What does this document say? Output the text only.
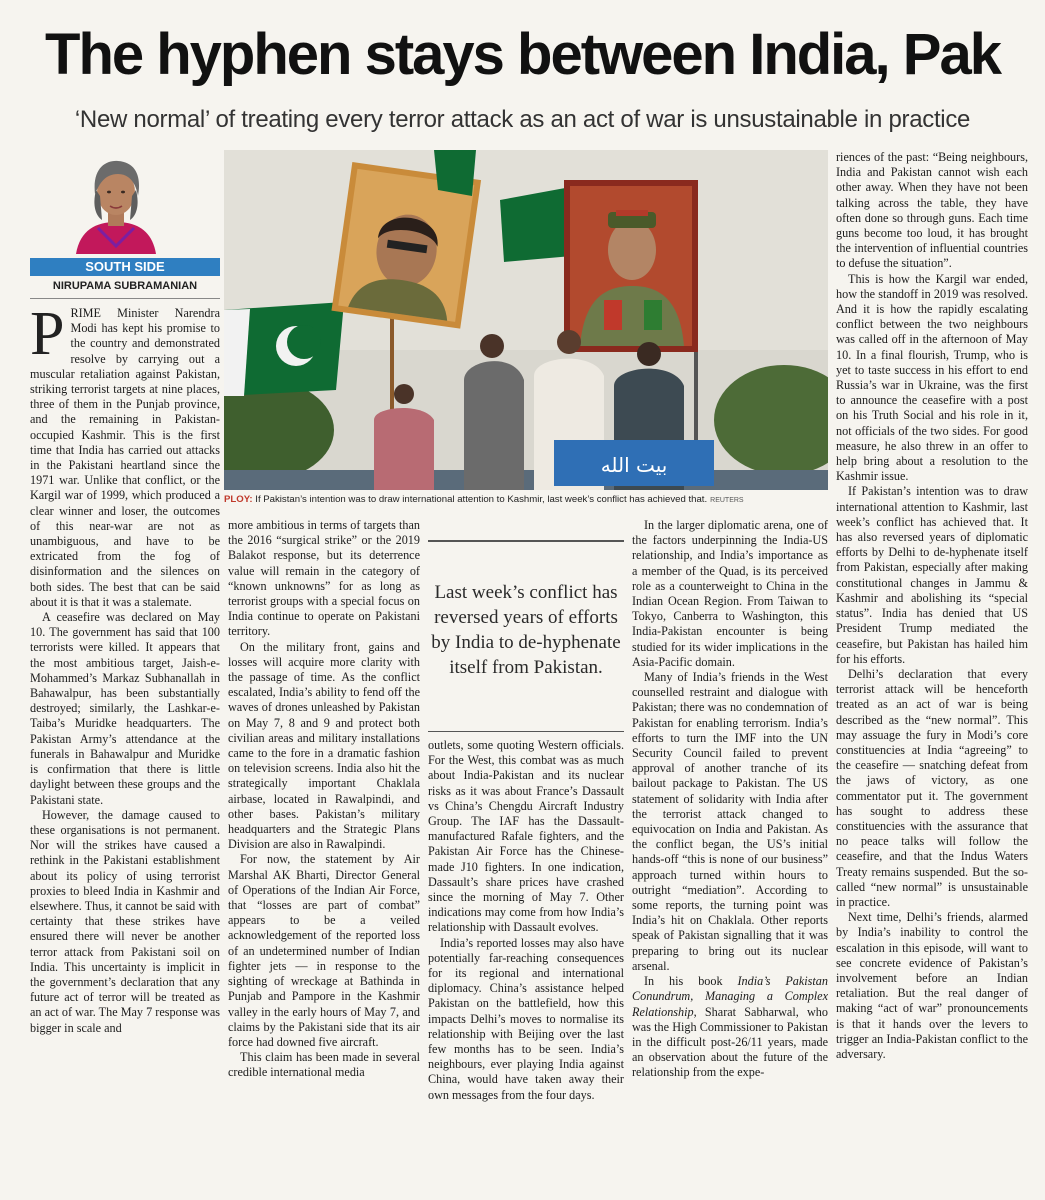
The hyphen stays between India, Pak
‘New normal’ of treating every terror attack as an act of war is unsustainable in practice
SOUTH SIDE
NIRUPAMA SUBRAMANIAN
بیت الله
PLOY: If Pakistan’s intention was to draw international attention to Kashmir, last week’s conflict has achieved that. REUTERS

PRIME Minister Narendra Modi has kept his promise to the country and demonstrated resolve by carrying out a muscular retaliation against Pakistan, striking terrorist targets at nine places, three of them in the Punjab province, and the remaining in Pakistan-occupied Kashmir. This is the first time that India has carried out attacks in the Pakistani heartland since the 1971 war. Unlike that conflict, or the Kargil war of 1999, which produced a clear winner and loser, the outcomes of this near-war are not as unambiguous, and have to be extricated from the fog of disinformation and the silences on both sides. The best that can be said about it is that it was a stalemate.

A ceasefire was declared on May 10. The government has said that 100 terrorists were killed. It appears that the most ambitious target, Jaish-e-Mohammed’s Markaz Subhanallah in Bahawalpur, has been substantially destroyed; similarly, the Lashkar-e-Taiba’s Muridke headquarters. The Pakistan Army’s attendance at the funerals in Bahawalpur and Muridke is confirmation that there is little daylight between these groups and the Pakistani state.

However, the damage caused to these organisations is not permanent. Nor will the strikes have caused a rethink in the Pakistani establishment about its policy of using terrorist proxies to bleed India in Kashmir and elsewhere. Thus, it cannot be said with certainty that these strikes have ensured there will never be another terror attack from Pakistani soil on India. This uncertainty is implicit in the government’s declaration that any future act of terror will be treated as an act of war. The May 7 response was bigger in scale and

more ambitious in terms of targets than the 2016 “surgical strike” or the 2019 Balakot response, but its deterrence value will remain in the category of “known unknowns” for as long as terrorist groups with a special focus on India continue to operate on Pakistani territory.

On the military front, gains and losses will acquire more clarity with the passage of time. As the conflict escalated, India’s ability to fend off the waves of drones unleashed by Pakistan on May 7, 8 and 9 and protect both civilian areas and military installations came to the fore in a dramatic fashion on television screens. India also hit the strategically important Chaklala airbase, located in Rawalpindi, and other bases. Pakistan’s military headquarters and the Strategic Plans Division are also in Rawalpindi.

For now, the statement by Air Marshal AK Bharti, Director General of Operations of the Indian Air Force, that “losses are part of combat” appears to be a veiled acknowledgement of the reported loss of an undetermined number of Indian fighter jets — in response to the sighting of wreckage at Bathinda in Punjab and Pampore in the Kashmir valley in the early hours of May 7, and claims by the Pakistani side that its air force had downed five aircraft.

This claim has been made in several credible international media

Last week’s conflict has reversed years of efforts by India to de-hyphenate itself from Pakistan.

outlets, some quoting Western officials. For the West, this combat was as much about India-Pakistan and its nuclear risks as it was about France’s Dassault vs China’s Chengdu Aircraft Industry Group. The IAF has the Dassault-manufactured Rafale fighters, and the Pakistan Air Force has the Chinese-made J10 fighters. In one indication, Dassault’s share prices have crashed since the morning of May 7. Other indications may come from how India’s relationship with Dassault evolves.

India’s reported losses may also have potentially far-reaching consequences for its regional and international diplomacy. China’s assistance helped Pakistan on the battlefield, how this impacts Delhi’s moves to normalise its relationship with Beijing over the last few months has to be seen. India’s neighbours, ever playing India against China, would have taken away their own messages from the four days.

In the larger diplomatic arena, one of the factors underpinning the India-US relationship, and India’s importance as a member of the Quad, is its perceived role as a counterweight to China in the Indian Ocean Region. From Taiwan to Tokyo, Canberra to Washington, this India-Pakistan encounter is being studied for its wider implications in the Asia-Pacific domain.

Many of India’s friends in the West counselled restraint and dialogue with Pakistan; there was no condemnation of Pakistan for enabling terrorism. India’s efforts to turn the IMF into the UN Security Council failed to prevent approval of another tranche of its bailout package to Pakistan. The US statement of solidarity with India after the terrorist attack changed to equivocation on India and Pakistan. As the conflict began, the US’s initial hands-off “this is none of our business” approach turned within hours to outright “mediation”. According to some reports, the turning point was India’s hit on Chaklala. Other reports speak of Pakistan signalling that it was preparing to bring out its nuclear arsenal.

In his book India’s Pakistan Conundrum, Managing a Complex Relationship, Sharat Sabharwal, who was the High Commissioner to Pakistan in the difficult post-26/11 years, made an observation about the future of the relationship from the expe-

riences of the past: “Being neighbours, India and Pakistan cannot wish each other away. When they have not been talking across the table, they have often done so through guns. Each time guns become too loud, it has brought the intervention of influential countries to defuse the situation”.

This is how the Kargil war ended, how the standoff in 2019 was resolved. And it is how the rapidly escalating conflict between the two neighbours was called off in the afternoon of May 10. In a final flourish, Trump, who is yet to taste success in his effort to end Russia’s war in Ukraine, was the first to announce the ceasefire with a post on his Truth Social and his role in it, not officials of the two sides. For good measure, he also threw in an offer to help bring about a resolution to the Kashmir issue.

If Pakistan’s intention was to draw international attention to Kashmir, last week’s conflict has achieved that. It has also reversed years of diplomatic efforts by Delhi to de-hyphenate itself from Pakistan, especially after making constitutional changes in Jammu & Kashmir and abolishing its “special status”. India has denied that US President Trump mediated the ceasefire, but Pakistan has hailed him for his efforts.

Delhi’s declaration that every terrorist attack will be henceforth treated as an act of war is being described as the “new normal”. This may assuage the fury in Modi’s core constituencies at India “agreeing” to the ceasefire — snatching defeat from the jaws of victory, as one commentator put it. The government has sought to address these constituencies with the assurance that no peace talks will follow the ceasefire, and that the Indus Waters Treaty remains suspended. But the so-called “new normal” is unsustainable in practice.

Next time, Delhi’s friends, alarmed by India’s inability to control the escalation in this episode, will want to see concrete evidence of Pakistan’s involvement before an Indian retaliation. But the real danger of making “act of war” pronouncements is that it hands over the levers to trigger an India-Pakistan conflict to the adversary.
